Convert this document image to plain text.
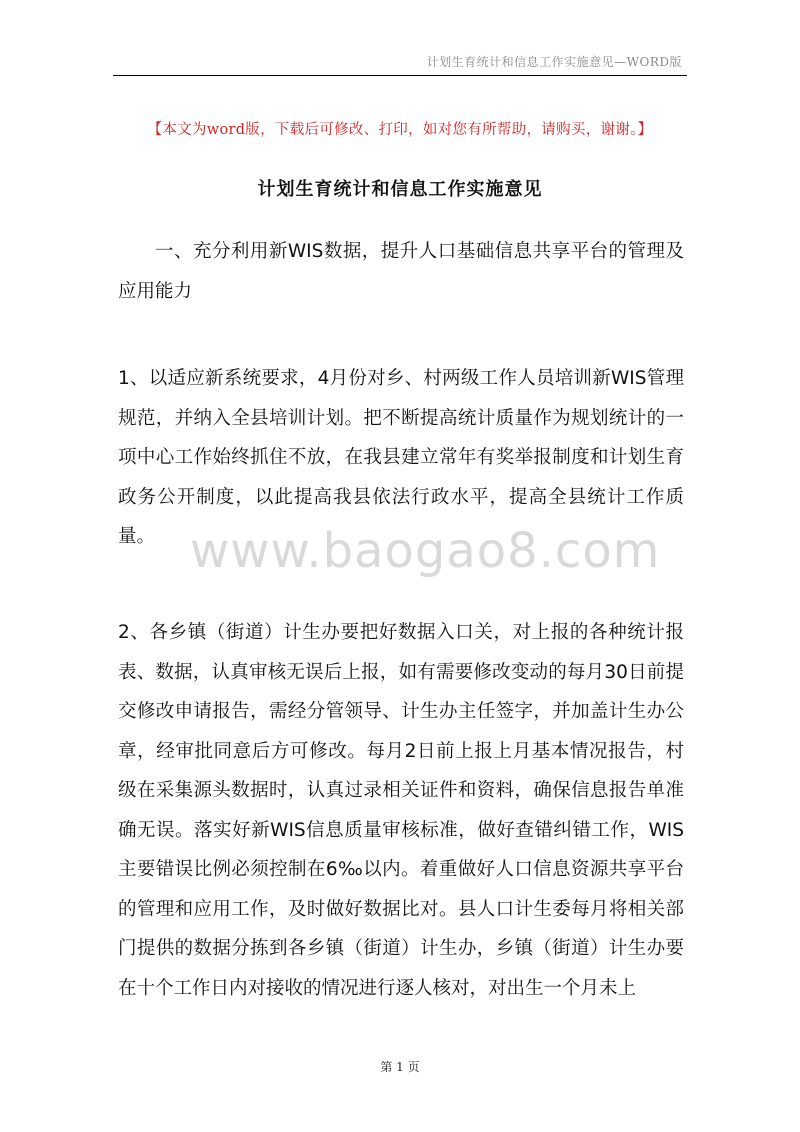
计划生育统计和信息工作实施意见—WORD版
【本文为word版，下载后可修改、打印，如对您有所帮助，请购买，谢谢。】
计划生育统计和信息工作实施意见
一、充分利用新WIS数据，提升人口基础信息共享平台的管理及应用能力
1、以适应新系统要求，4月份对乡、村两级工作人员培训新WIS管理规范，并纳入全县培训计划。把不断提高统计质量作为规划统计的一项中心工作始终抓住不放，在我县建立常年有奖举报制度和计划生育政务公开制度，以此提高我县依法行政水平，提高全县统计工作质量。 www.baogao8.com
2、各乡镇（街道）计生办要把好数据入口关，对上报的各种统计报表、数据，认真审核无误后上报，如有需要修改变动的每月30日前提交修改申请报告，需经分管领导、计生办主任签字，并加盖计生办公章，经审批同意后方可修改。每月2日前上报上月基本情况报告，村级在采集源头数据时，认真过录相关证件和资料，确保信息报告单准确无误。落实好新WIS信息质量审核标准，做好查错纠错工作，WIS主要错误比例必须控制在6‰以内。着重做好人口信息资源共享平台的管理和应用工作，及时做好数据比对。县人口计生委每月将相关部门提供的数据分拣到各乡镇（街道）计生办，乡镇（街道）计生办要在十个工作日内对接收的情况进行逐人核对，对出生一个月未上
第 1 页
